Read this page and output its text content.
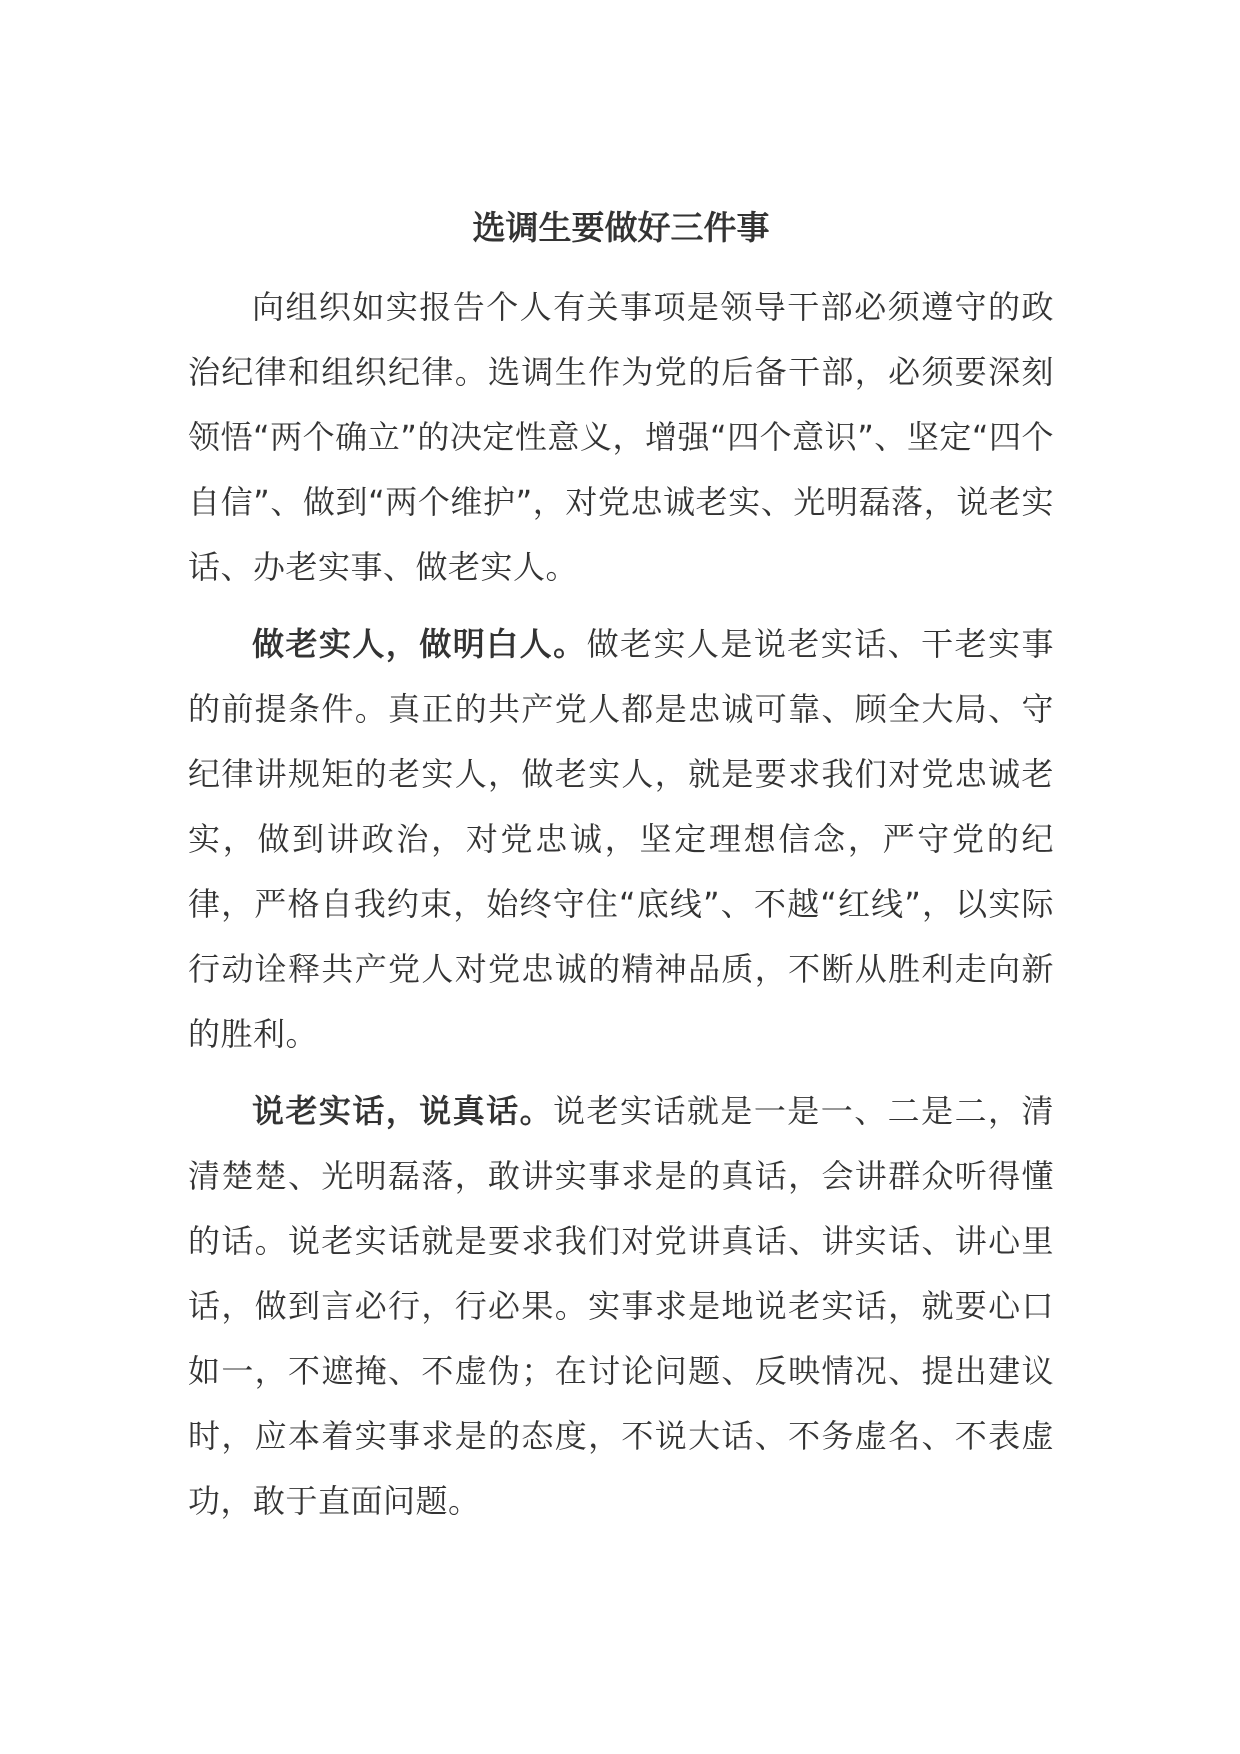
选调生要做好三件事

向组织如实报告个人有关事项是领导干部必须遵守的政治纪律和组织纪律。选调生作为党的后备干部，必须要深刻领悟“两个确立”的决定性意义，增强“四个意识”、坚定“四个自信”、做到“两个维护”，对党忠诚老实、光明磊落，说老实话、办老实事、做老实人。

做老实人，做明白人。做老实人是说老实话、干老实事的前提条件。真正的共产党人都是忠诚可靠、顾全大局、守纪律讲规矩的老实人，做老实人，就是要求我们对党忠诚老实，做到讲政治，对党忠诚，坚定理想信念，严守党的纪律，严格自我约束，始终守住“底线”、不越“红线”，以实际行动诠释共产党人对党忠诚的精神品质，不断从胜利走向新的胜利。

说老实话，说真话。说老实话就是一是一、二是二，清清楚楚、光明磊落，敢讲实事求是的真话，会讲群众听得懂的话。说老实话就是要求我们对党讲真话、讲实话、讲心里话，做到言必行，行必果。实事求是地说老实话，就要心口如一，不遮掩、不虚伪；在讨论问题、反映情况、提出建议时，应本着实事求是的态度，不说大话、不务虚名、不表虚功，敢于直面问题。
